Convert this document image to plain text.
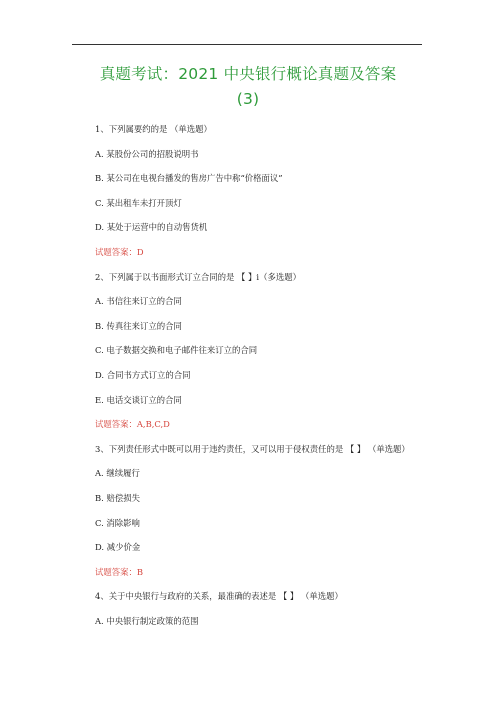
真题考试：2021 中央银行概论真题及答案
(3)
1、下列属要约的是 （单选题）
A. 某股份公司的招股说明书
B. 某公司在电视台播发的售房广告中称“价格面议”
C. 某出租车未打开顶灯
D. 某处于运营中的自动售货机
试题答案：D
2、下列属于以书面形式订立合同的是 【 】i（多选题）
A. 书信往来订立的合同
B. 传真往来订立的合同
C. 电子数据交换和电子邮件往来订立的合同
D. 合同书方式订立的合同
E. 电话交谈订立的合同
试题答案：A,B,C,D
3、下列责任形式中既可以用于违约责任，又可以用于侵权责任的是 【 】 （单选题）
A. 继续履行
B. 赔偿损失
C. 消除影响
D. 减少价金
试题答案：B
4、关于中央银行与政府的关系，最准确的表述是 【 】 （单选题）
A. 中央银行制定政策的范围
